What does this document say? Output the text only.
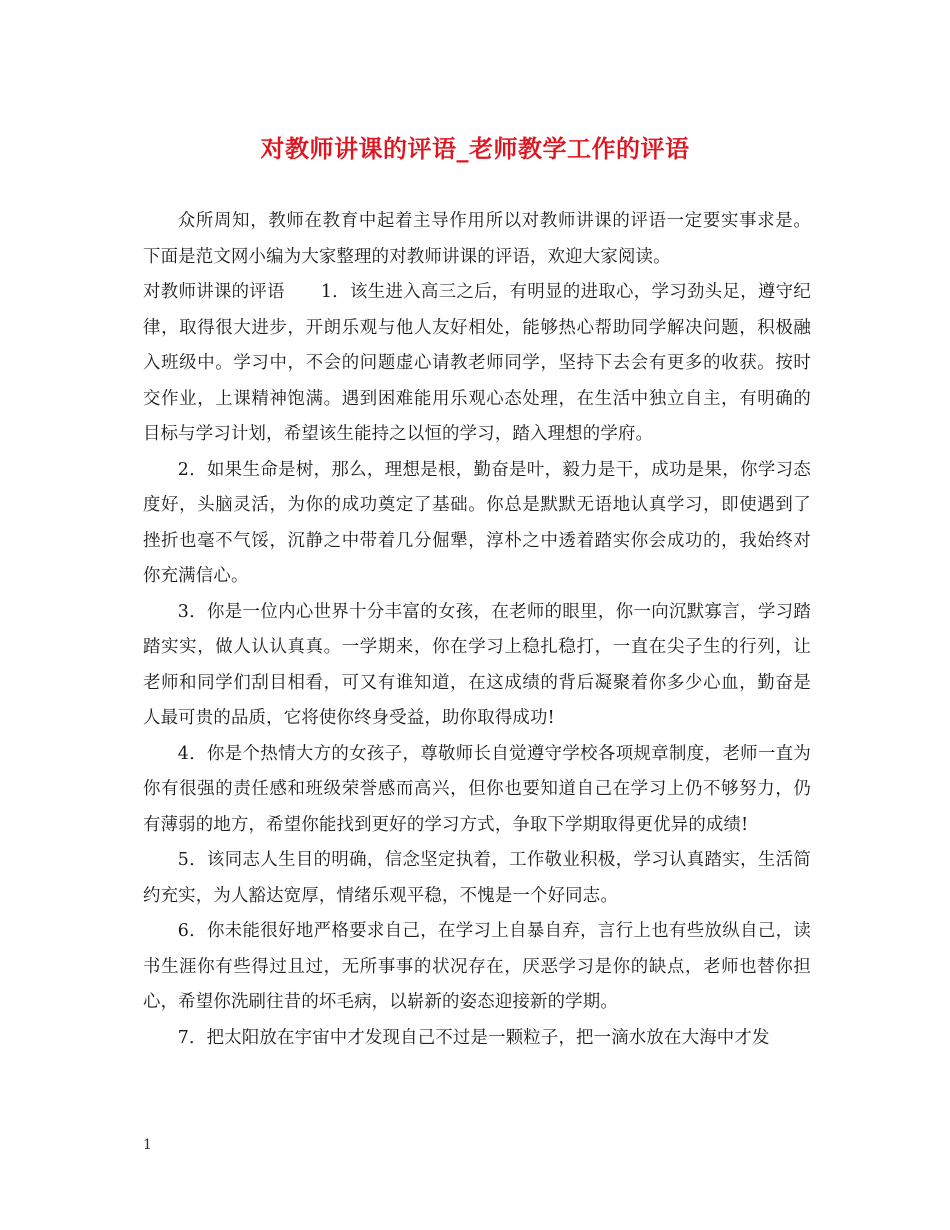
对教师讲课的评语_老师教学工作的评语

众所周知，教师在教育中起着主导作用所以对教师讲课的评语一定要实事求是。下面是范文网小编为大家整理的对教师讲课的评语，欢迎大家阅读。

对教师讲课的评语 1．该生进入高三之后，有明显的进取心，学习劲头足，遵守纪律，取得很大进步，开朗乐观与他人友好相处，能够热心帮助同学解决问题，积极融入班级中。学习中，不会的问题虚心请教老师同学，坚持下去会有更多的收获。按时交作业，上课精神饱满。遇到困难能用乐观心态处理，在生活中独立自主，有明确的目标与学习计划，希望该生能持之以恒的学习，踏入理想的学府。

2．如果生命是树，那么，理想是根，勤奋是叶，毅力是干，成功是果，你学习态度好，头脑灵活，为你的成功奠定了基础。你总是默默无语地认真学习，即使遇到了挫折也毫不气馁，沉静之中带着几分倔犟，淳朴之中透着踏实你会成功的，我始终对你充满信心。

3．你是一位内心世界十分丰富的女孩，在老师的眼里，你一向沉默寡言，学习踏踏实实，做人认认真真。一学期来，你在学习上稳扎稳打，一直在尖子生的行列，让老师和同学们刮目相看，可又有谁知道，在这成绩的背后凝聚着你多少心血，勤奋是人最可贵的品质，它将使你终身受益，助你取得成功!

4．你是个热情大方的女孩子，尊敬师长自觉遵守学校各项规章制度，老师一直为你有很强的责任感和班级荣誉感而高兴，但你也要知道自己在学习上仍不够努力，仍有薄弱的地方，希望你能找到更好的学习方式，争取下学期取得更优异的成绩!

5．该同志人生目的明确，信念坚定执着，工作敬业积极，学习认真踏实，生活简约充实，为人豁达宽厚，情绪乐观平稳，不愧是一个好同志。

6．你未能很好地严格要求自己，在学习上自暴自弃，言行上也有些放纵自己，读书生涯你有些得过且过，无所事事的状况存在，厌恶学习是你的缺点，老师也替你担心，希望你洗刷往昔的坏毛病，以崭新的姿态迎接新的学期。

7．把太阳放在宇宙中才发现自己不过是一颗粒子，把一滴水放在大海中才发

1
